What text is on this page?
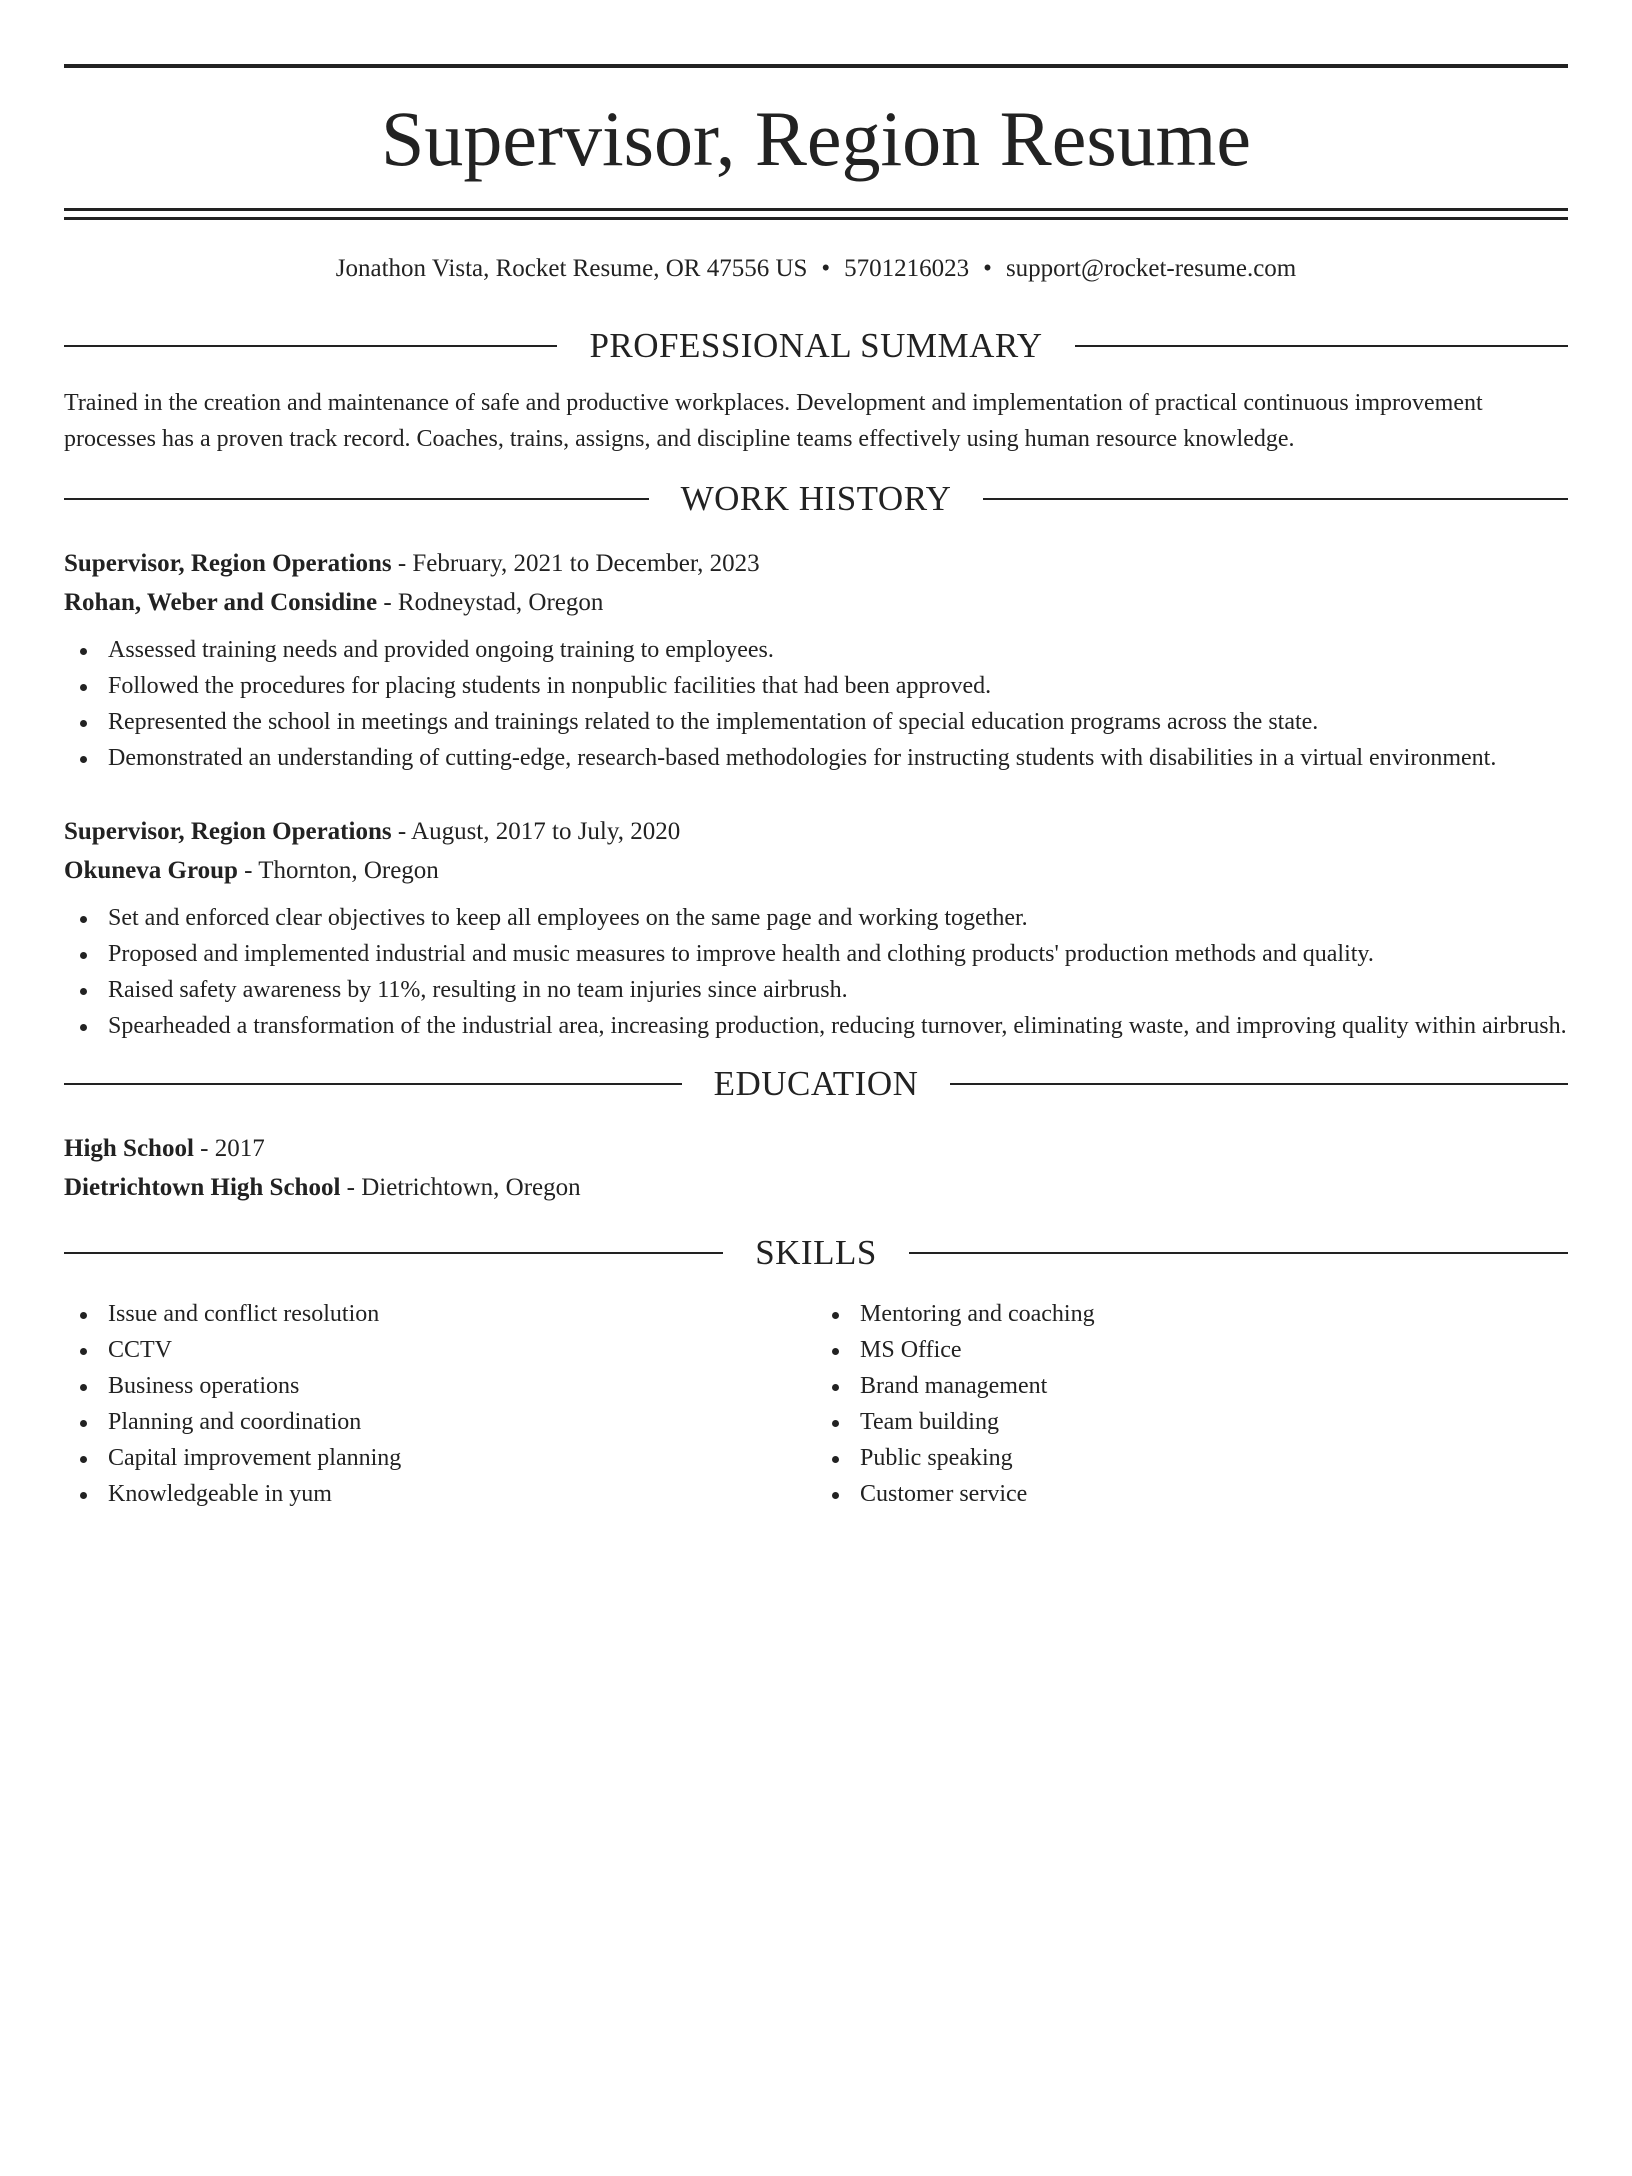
Supervisor, Region Resume
Jonathon Vista, Rocket Resume, OR 47556 US • 5701216023 • support@rocket-resume.com
PROFESSIONAL SUMMARY

Trained in the creation and maintenance of safe and productive workplaces. Development and implementation of practical continuous improvement processes has a proven track record. Coaches, trains, assigns, and discipline teams effectively using human resource knowledge.

WORK HISTORY
Supervisor, Region Operations - February, 2021 to December, 2023
Rohan, Weber and Considine - Rodneystad, Oregon
Assessed training needs and provided ongoing training to employees.
Followed the procedures for placing students in nonpublic facilities that had been approved.
Represented the school in meetings and trainings related to the implementation of special education programs across the state.
Demonstrated an understanding of cutting-edge, research-based methodologies for instructing students with disabilities in a virtual environment.
Supervisor, Region Operations - August, 2017 to July, 2020
Okuneva Group - Thornton, Oregon
Set and enforced clear objectives to keep all employees on the same page and working together.
Proposed and implemented industrial and music measures to improve health and clothing products' production methods and quality.
Raised safety awareness by 11%, resulting in no team injuries since airbrush.
Spearheaded a transformation of the industrial area, increasing production, reducing turnover, eliminating waste, and improving quality within airbrush.
EDUCATION
High School - 2017
Dietrichtown High School - Dietrichtown, Oregon
SKILLS
Issue and conflict resolution
CCTV
Business operations
Planning and coordination
Capital improvement planning
Knowledgeable in yum
Mentoring and coaching
MS Office
Brand management
Team building
Public speaking
Customer service
